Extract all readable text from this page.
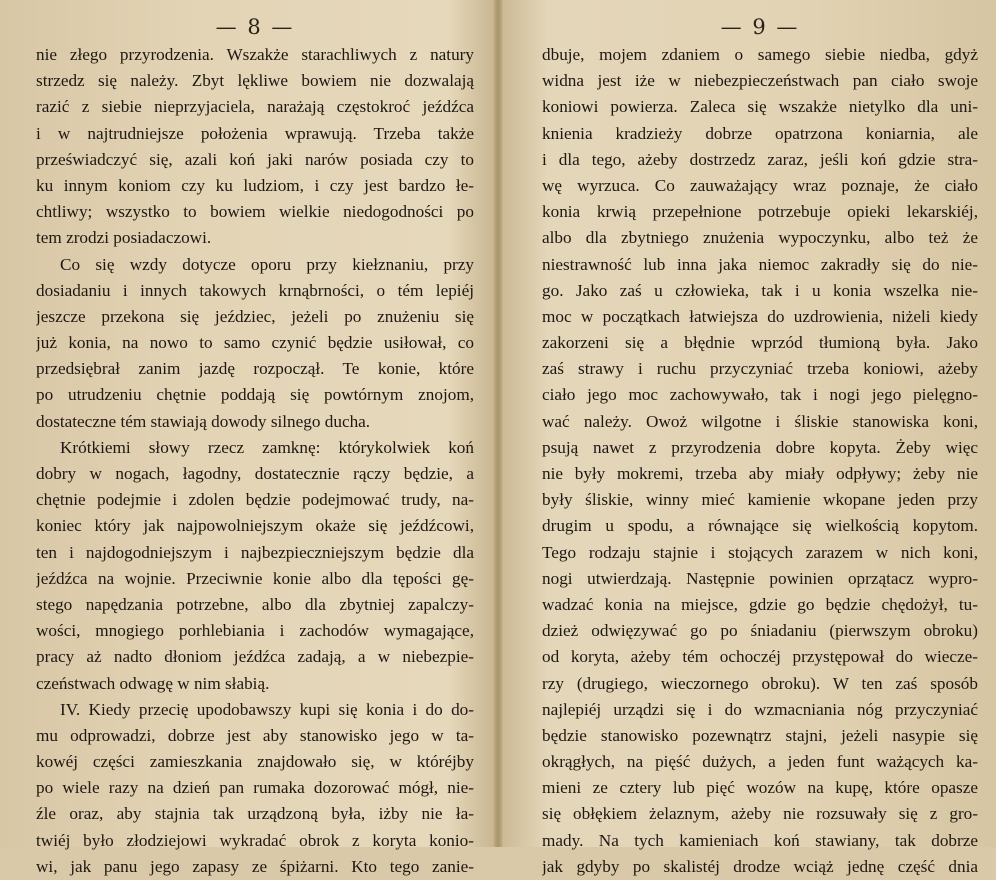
— 8 —
nie złego przyrodzenia. Wszakże starachliwych z natury
strzedz się należy. Zbyt lękliwe bowiem nie dozwalają
razić z siebie nieprzyjaciela, narażają częstokroć jeźdźca
i w najtrudniejsze położenia wprawują. Trzeba także
przeświadczyć się, azali koń jaki narów posiada czy to
ku innym koniom czy ku ludziom, i czy jest bardzo łe-
chtliwy; wszystko to bowiem wielkie niedogodności po
tem zrodzi posiadaczowi.
Co się wzdy dotycze oporu przy kiełznaniu, przy
dosiadaniu i innych takowych krnąbrności, o tém lepiéj
jeszcze przekona się jeździec, jeżeli po znużeniu się
już konia, na nowo to samo czynić będzie usiłował, co
przedsiębrał zanim jazdę rozpoczął. Te konie, które
po utrudzeniu chętnie poddają się powtórnym znojom,
dostateczne tém stawiają dowody silnego ducha.
Krótkiemi słowy rzecz zamknę: którykolwiek koń
dobry w nogach, łagodny, dostatecznie rączy będzie, a
chętnie podejmie i zdolen będzie podejmować trudy, na-
koniec który jak najpowolniejszym okaże się jeźdźcowi,
ten i najdogodniejszym i najbezpieczniejszym będzie dla
jeźdźca na wojnie. Przeciwnie konie albo dla tępości gę-
stego napędzania potrzebne, albo dla zbytniej zapalczy-
wości, mnogiego porhlebiania i zachodów wymagające,
pracy aż nadto dłoniom jeźdźca zadają, a w niebezpie-
czeństwach odwagę w nim słabią.
IV. Kiedy przecię upodobawszy kupi się konia i do do-
mu odprowadzi, dobrze jest aby stanowisko jego w ta-
kowéj części zamieszkania znajdowało się, w któréjby
po wiele razy na dzień pan rumaka dozorować mógł, nie-
źle oraz, aby stajnia tak urządzoną była, iżby nie ła-
twiéj było złodziejowi wykradać obrok z koryta konio-
wi, jak panu jego zapasy ze śpiżarni. Kto tego zanie-
— 9 —
dbuje, mojem zdaniem o samego siebie niedba, gdyż
widna jest iże w niebezpieczeństwach pan ciało swoje
koniowi powierza. Zaleca się wszakże nietylko dla uni-
knienia kradzieży dobrze opatrzona koniarnia, ale
i dla tego, ażeby dostrzedz zaraz, jeśli koń gdzie stra-
wę wyrzuca. Co zauważający wraz poznaje, że ciało
konia krwią przepełnione potrzebuje opieki lekarskiéj,
albo dla zbytniego znużenia wypoczynku, albo też że
niestrawność lub inna jaka niemoc zakradły się do nie-
go. Jako zaś u człowieka, tak i u konia wszelka nie-
moc w początkach łatwiejsza do uzdrowienia, niżeli kiedy
zakorzeni się a błędnie wprzód tłumioną była. Jako
zaś strawy i ruchu przyczyniać trzeba koniowi, ażeby
ciało jego moc zachowywało, tak i nogi jego pielęgno-
wać należy. Owoż wilgotne i śliskie stanowiska koni,
psują nawet z przyrodzenia dobre kopyta. Żeby więc
nie były mokremi, trzeba aby miały odpływy; żeby nie
były śliskie, winny mieć kamienie wkopane jeden przy
drugim u spodu, a równające się wielkością kopytom.
Tego rodzaju stajnie i stojących zarazem w nich koni,
nogi utwierdzają. Następnie powinien oprzątacz wypro-
wadzać konia na miejsce, gdzie go będzie chędożył, tu-
dzież odwięzywać go po śniadaniu (pierwszym obroku)
od koryta, ażeby tém ochoczéj przystępował do wiecze-
rzy (drugiego, wieczornego obroku). W ten zaś sposób
najlepiéj urządzi się i do wzmacniania nóg przyczyniać
będzie stanowisko pozewnątrz stajni, jeżeli nasypie się
okrągłych, na pięść dużych, a jeden funt ważących ka-
mieni ze cztery lub pięć wozów na kupę, które opasze
się obłękiem żelaznym, ażeby nie rozsuwały się z gro-
mady. Na tych kamieniach koń stawiany, tak dobrze
jak gdyby po skalistéj drodze wciąż jednę część dnia
